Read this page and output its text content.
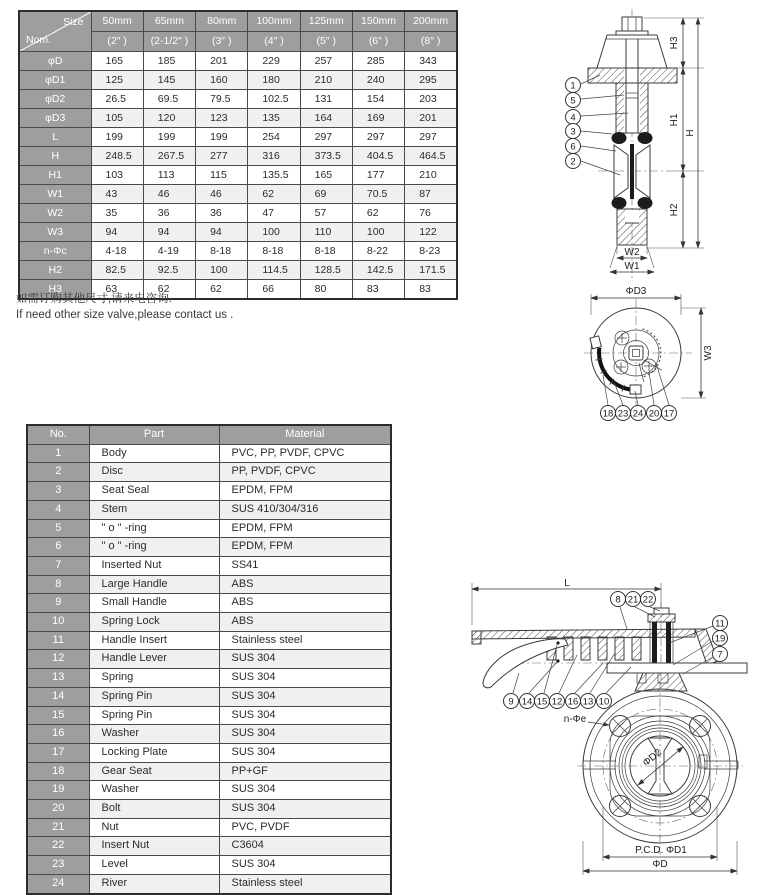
Size
Nom.	50mm	65mm	80mm	100mm	125mm	150mm	200mm
	(2″ )	(2-1/2″ )	(3″ )	(4″ )	(5″ )	(6″ )	(8″ )
φD	165	185	201	229	257	285	343
φD1	125	145	160	180	210	240	295
φD2	26.5	69.5	79.5	102.5	131	154	203
φD3	105	120	123	135	164	169	201
L	199	199	199	254	297	297	297
H	248.5	267.5	277	316	373.5	404.5	464.5
H1	103	113	115	135.5	165	177	210
W1	43	46	46	62	69	70.5	87
W2	35	36	36	47	57	62	76
W3	94	94	94	100	110	100	122
n-Φc	4-18	4-19	8-18	8-18	8-18	8-22	8-23
H2	82.5	92.5	100	114.5	128.5	142.5	171.5
H3	63	62	62	66	80	83	83
如需订购其他尺寸,请来电咨询.
If need other size valve,please contact us .
No.	Part	Material
1	Body	PVC, PP, PVDF, CPVC
2	Disc	PP, PVDF, CPVC
3	Seat Seal	EPDM, FPM
4	Stem	SUS 410/304/316
5	" o " -ring	EPDM, FPM
6	" o " -ring	EPDM, FPM
7	Inserted Nut	SS41
8	Large Handle	ABS
9	Small Handle	ABS
10	Spring Lock	ABS
11	Handle Insert	Stainless steel
12	Handle Lever	SUS 304
13	Spring	SUS 304
14	Spring Pin	SUS 304
15	Spring Pin	SUS 304
16	Washer	SUS 304
17	Locking Plate	SUS 304
18	Gear Seat	PP+GF
19	Washer	SUS 304
20	Bolt	SUS 304
21	Nut	PVC, PVDF
22	Insert Nut	C3604
23	Level	SUS 304
24	River	Stainless steel
1
5
4
3
6
2
H3
H1
H2
H
W2
W1
ΦD3
W3
18 23 24 20 17
L
8 21 22
11
19
7
9 14 15 12 16 13 10
ΦD2
n-Φe
P.C.D. ΦD1
ΦD
